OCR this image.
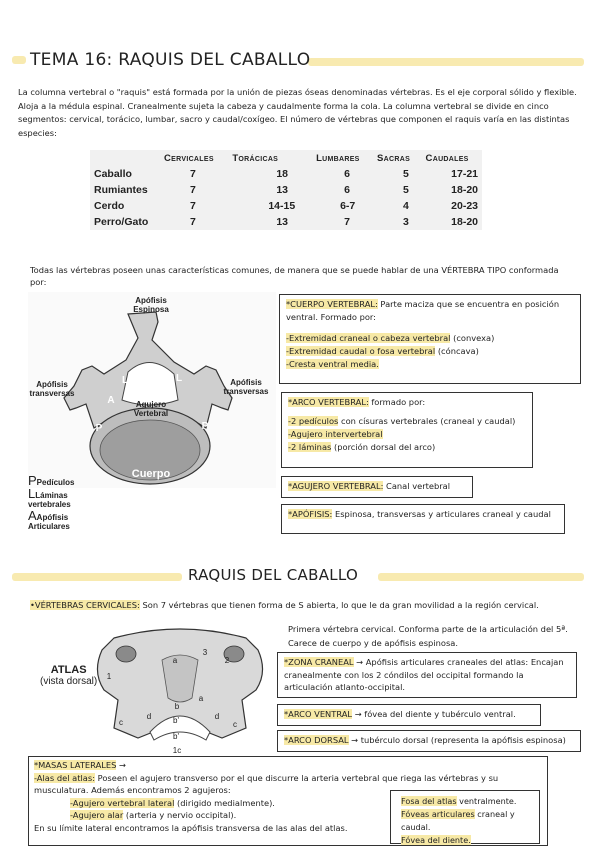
TEMA 16: RAQUIS DEL CABALLO
La columna vertebral o "raquis" está formada por la unión de piezas óseas denominadas vértebras. Es el eje corporal sólido y flexible. Aloja a la médula espinal. Cranealmente sujeta la cabeza y caudalmente forma la cola. La columna vertebral se divide en cinco segmentos: cervical, torácico, lumbar, sacro y caudal/coxígeo. El número de vértebras que componen el raquis varía en las distintas especies:
	Cervicales	Torácicas	Lumbares	Sacras	Caudales
Caballo	7	18	6	5	17-21
Rumiantes	7	13	6	5	18-20
Cerdo	7	14-15	6-7	4	20-23
Perro/Gato	7	13	7	3	18-20
Todas las vértebras poseen unas características comunes, de manera que se puede hablar de una VÉRTEBRA TIPO conformada por:
Apófisis Espinosa
Apófisis transversas
Apófisis transversas
Agujero Vertebral
Cuerpo
A
L	L
P	P
PPedículos
LLáminas vertebrales
AApófisis Articulares

*CUERPO VERTEBRAL: Parte maciza que se encuentra en posición ventral. Formado por:

-Extremidad craneal o cabeza vertebral (convexa)

-Extremidad caudal o fosa vertebral (cóncava)

-Cresta ventral media.

*ARCO VERTEBRAL: formado por:

-2 pedículos con císuras vertebrales (craneal y caudal)

-Agujero intervertebral

-2 láminas (porción dorsal del arco)

*AGUJERO VERTEBRAL: Canal vertebral

*APÓFISIS: Espinosa, transversas y articulares craneal y caudal

RAQUIS DEL CABALLO
•VÉRTEBRAS CERVICALES: Son 7 vértebras que tienen forma de S abierta, lo que le da gran movilidad a la región cervical.
ATLAS
(vista dorsal)
a
a
3
2
b
b'
b'
c	c
d	d
1
1c
Primera vértebra cervical. Conforma parte de la articulación del 5ª. Carece de cuerpo y de apófisis espinosa.

*ZONA CRANEAL → Apófisis articulares craneales del atlas: Encajan cranealmente con los 2 cóndilos del occipital formando la articulación atlanto-occipital.

*ARCO VENTRAL → fóvea del diente y tubérculo ventral.

*ARCO DORSAL → tubérculo dorsal (representa la apófisis espinosa)

*MASAS LATERALES →

-Alas del atlas: Poseen el agujero transverso por el que discurre la arteria vertebral que riega las vértebras y su musculatura. Además encontramos 2 agujeros:

-Agujero vertebral lateral (dirigido medialmente).

-Agujero alar (arteria y nervio occipital).

En su límite lateral encontramos la apófisis transversa de las alas del atlas.

Fosa del atlas ventralmente.

Fóveas articulares craneal y caudal.

Fóvea del diente.
